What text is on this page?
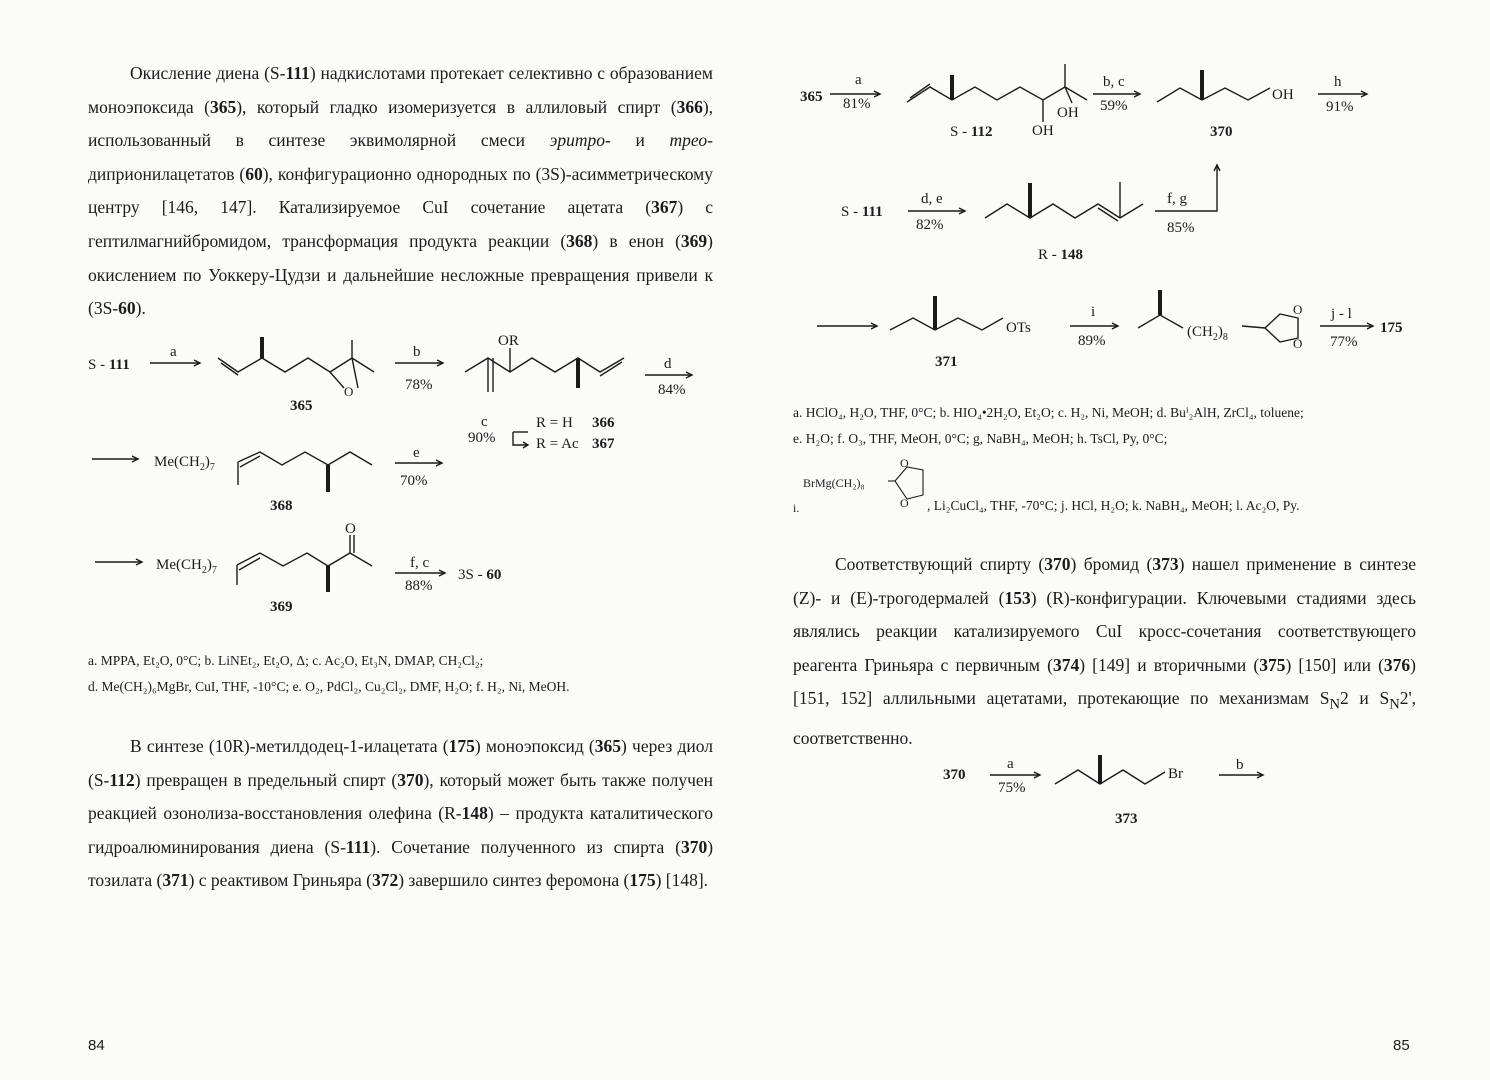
Окисление диена (S-111) надкислотами протекает селективно с образованием моноэпоксида (365), который гладко изомеризуется в аллиловый спирт (366), использованный в синтезе эквимолярной смеси эритро- и трео-диприонилацетатов (60), конфигурационно однородных по (3S)-асимметрическому центру [146, 147]. Катализируемое CuI сочетание ацетата (367) с гептилмагнийбромидом, трансформация продукта реакции (368) в енон (369) окислением по Уоккеру-Цудзи и дальнейшие несложные превращения привели к (3S-60).

S - 111
a
O
365
b
78%
OR
d
84%
c
90%
R = H 366
R = Ac 367
$Me(CH_2)_7$
e
70%
368
$Me(CH_2)_7$
O
f, c
88%
3S - 60
369
a. MPPA, Et₂O, 0°C; b. LiNEt₂, Et₂O, Δ; c. Ac₂O, Et₃N, DMAP, CH₂Cl₂;
d. Me(CH₂)₆MgBr, CuI, THF, -10°C; e. O₂, PdCl₂, Cu₂Cl₂, DMF, H₂O; f. H₂, Ni, MeOH.

В синтезе (10R)-метилдодец-1-илацетата (175) моноэпоксид (365) через диол (S-112) превращен в предельный спирт (370), который может быть также получен реакцией озонолиза-восстановления олефина (R-148) – продукта каталитического гидроалюминирования диена (S-111). Сочетание полученного из спирта (370) тозилата (371) с реактивом Гриньяра (372) завершило синтез феромона (175) [148].

84
365
a
81%
S - 112	OH
OH
b, c
59%
OH
370
h
91%
S - 111
d, e
82%
R - 148
f, g
85%
OTs
371
i
89%
$(CH_2)_8$
O
O
j - l
77%
175
a. HClO₄, H₂O, THF, 0°C; b. HIO₄•2H₂O, Et₂O; c. H₂, Ni, MeOH; d. Buⁱ₂AlH, ZrCl₄, toluene;
e. H₂O; f. O₃, THF, MeOH, 0°C; g, NaBH₄, MeOH; h. TsCl, Py, 0°C;
i.
BrMg(CH₂)₈
O
O , Li₂CuCl₄, THF, -70°C; j. HCl, H₂O; k. NaBH₄, MeOH; l. Ac₂O, Py.

Соответствующий спирту (370) бромид (373) нашел применение в синтезе (Z)- и (E)-трогодермалей (153) (R)-конфигурации. Ключевыми стадиями здесь являлись реакции катализируемого CuI кросс-сочетания соответствующего реагента Гриньяра с первичным (374) [149] и вторичными (375) [150] или (376) [151, 152] аллильными ацетатами, протекающие по механизмам $S_N2$ и $S_N2'$, соответственно.

370
a
75%
Br
b
373
85
